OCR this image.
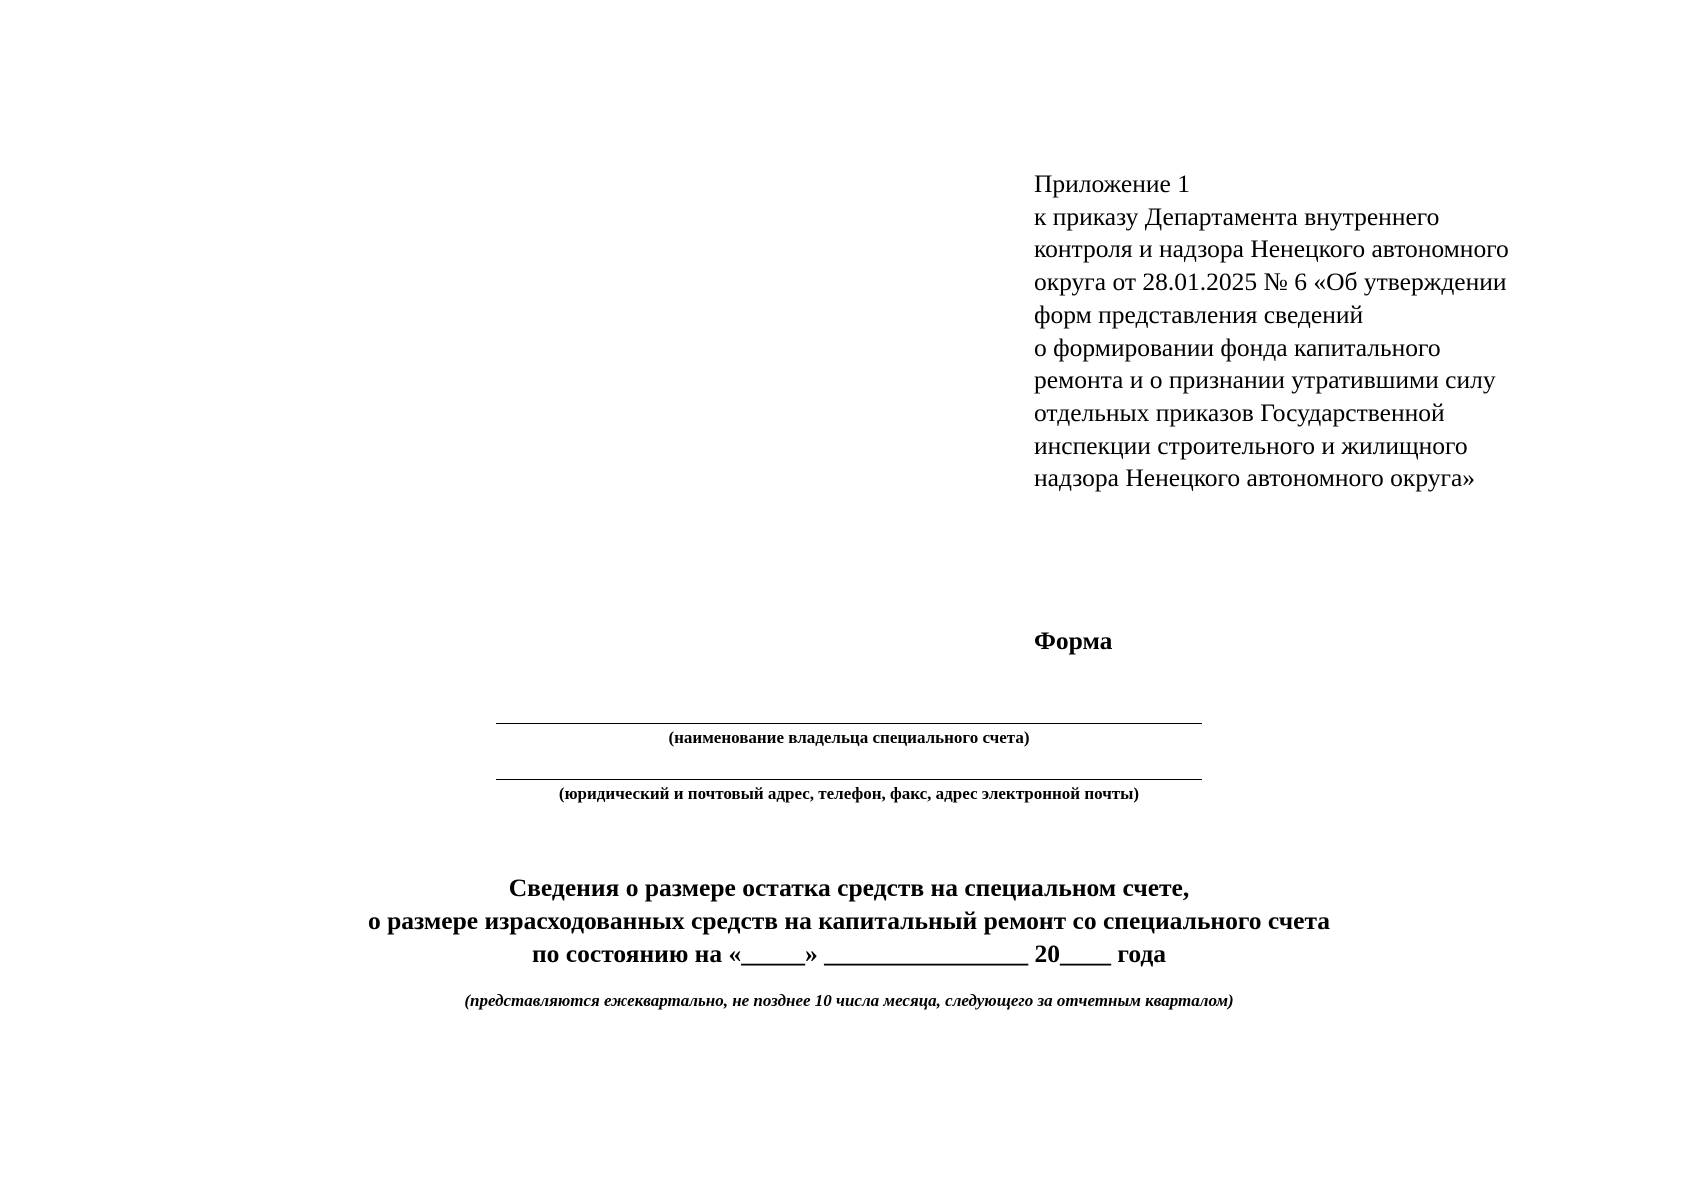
Приложение 1
к приказу Департамента внутреннего
контроля и надзора Ненецкого автономного
округа от 28.01.2025 № 6 «Об утверждении
форм представления сведений
о формировании фонда капитального
ремонта и о признании утратившими силу
отдельных приказов Государственной
инспекции строительного и жилищного
надзора Ненецкого автономного округа»
Форма
(наименование владельца специального счета)
(юридический и почтовый адрес, телефон, факс, адрес электронной почты)
Сведения о размере остатка средств на специальном счете,
о размере израсходованных средств на капитальный ремонт со специального счета
по состоянию на «_____» ________________ 20____ года
(представляются ежеквартально, не позднее 10 числа месяца, следующего за отчетным кварталом)
